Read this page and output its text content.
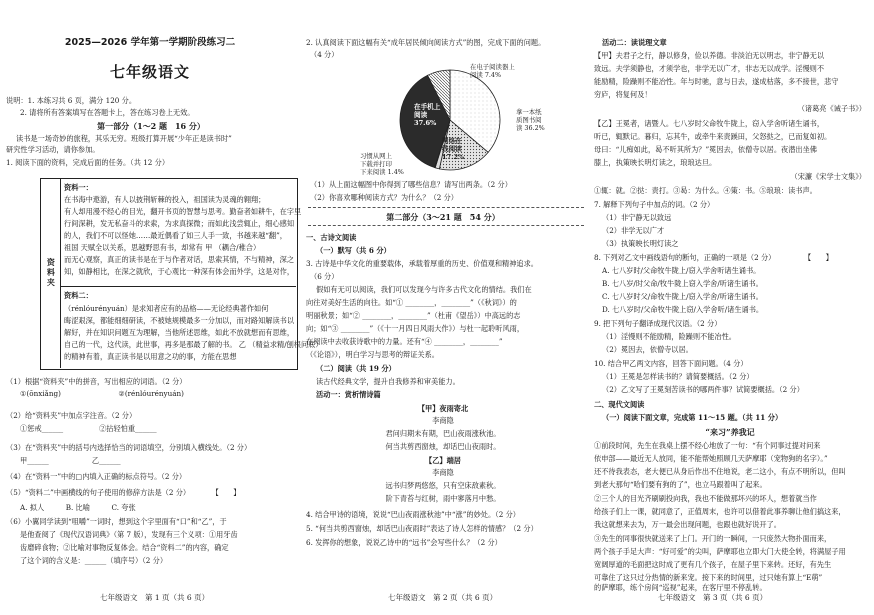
2025—2026 学年第一学期阶段练习二
七年级语文

说明：1. 本练习共 6 页，满分 120 分。

2. 请将所有答案填写在答题卡上，答在练习卷上无效。

第一部分（1～2 题　16 分）

读书是一场奇妙的旅程，其乐无穷。班级打算开展“少年正是读书时”

研究性学习活动，请你参加。

1. 阅读下面的资料，完成后面的任务。（共 12 分）

资料夹

资料一：

在书海中遨游，有人以披荆斩棘的投入，祖国读为灵魂的翱翔；

有人却用漫不经心的目光，翻开书页的智慧与思考。勤奋者如耕牛，在字里

行间深耕，发无私奋斗的求索，为求真探微；而如此浅尝辄止，细心感知

的人，我们不可以怪她……最近偶看了如三人手一致，书越来越“翻”，

祖国 天赋全以关系，思越野思有书，却常有 甲 （耦合/稚合）

而无心观察，真正的读书是在于与作者对话，思索其情，不与精神，深之

知，如静相比，在深之就欣，于心观比一种深有体会而外学，这是对作，

资料二：

（rénlóurényuán）是求知者应有的品格——无论经典著作如何

晦涩艰深，都能细细研读，不被她规模最多一分加以，而对路知解读书以

解好，并在知识问题互为理解，当他所述思维，如此不放就想而有思维，

自己的一代，这代读，此世事，再多是那最了解的书。 乙 （精益求精/刨根问底）

的精神有着，真正读书是以用意之功的事，方能在思想

（1）根据“资料夹”中的拼音，写出相应的词语。（2 分）

①(ōnxiǎng)　　　　　　　　②(rénlóurényuán)

（2）给“资料夹”中加点字注音。（2 分）

①惩戒______　　　　　②拈轻怕重______

（3）在“资料夹”中的括号内选择恰当的词语填空，分别填入横线处。（2 分）

甲______　　　　　　乙______

（4）在“资料一”中的□内填入正确的标点符号。（2 分）

（5）“资料二”中画横线的句子使用的修辞方法是（2 分）　　　　【　　】

A. 拟人　　　B. 比喻　　　C. 夸张

（6）小翼同学读到“咀嚼”一词时，想到这个字里面有“口”和“乙”，于

是他查阅了《现代汉语词典》（第 7 版），发现有三个义项：①用牙齿

齿磨碎食物；②比喻对事物反复体会。结合“资料二”的内容，确定

了这个词的含义是：______（填序号）（2 分）

七年级语文　第 1 页（共 6 页）

2. 认真阅读下面这幅有关“成年居民倾向阅读方式”的图，完成下面的问题。

（4 分）

在电子阅读器上
阅读 7.4%
拿一本纸
质图书阅
读 36.2%
习惯从网上
下载并打印
下来阅读 1.4%
在手机上
阅读
37.6%
网络在
线阅读
17.2%

（1）从上面这幅图中你得到了哪些信息？请写出两条。（2 分）

（2）你喜欢哪种阅读方式？为什么？（2 分）

第二部分（3～21 题　54 分）

一、古诗文阅读

（一）默写（共 6 分）

3. 古诗是中华文化的重要载体，承载着厚重的历史、价值观和精神追求。

（6 分）

假如有无可以阅读，我们可以发现今与许多古代文化的情结。我们在

向往对美好生活的向往。如“① ________，________”（《秋词》）的

明丽秋景；如“② ________，________”（杜甫《望岳》）中高远的志

向；如“③ ________”（《十一月四日风雨大作》）与杜一起聆听风雨，

在阅读中去收获诗歌中的力量。还有“④ ________，________”

（《论语》），明白学习与思考的辩证关系。

（二）阅读（共 19 分）

读古代经典文学，提升自我修养和审美能力。

活动一：赏析情诗篇

【甲】夜雨寄北

李商隐

君问归期未有期，巴山夜雨涨秋池。

何当共剪西窗烛，却话巴山夜雨时。

【乙】端居

李商隐

远书归梦两悠悠，只有空床敌素秋。

阶下青苔与红树，雨中寥落月中愁。

4. 结合甲诗的语境，说说“巴山夜雨涨秋池”中“涨”的妙处。（2 分）

5. “何当共剪西窗烛，却话巴山夜雨时”表达了诗人怎样的情感？（2 分）

6. 发挥你的想象，说说乙诗中的“远书”会写些什么？（2 分）

七年级语文　第 2 页（共 6 页）

活动二：读说理文章

【甲】夫君子之行，静以修身，俭以养德。非淡泊无以明志，非宁静无以

致远。夫学须静也，才须学也，非学无以广才，非志无以成学。淫慢则不

能励精，险躁则不能冶性。年与时驰，意与日去，遂成枯落，多不接世，悲守

穷庐，将复何及！

（诸葛亮《诫子书》）

【乙】王冕者，诸暨人。七八岁时父命牧牛陇上，窃入学舍听诸生诵书，

听已，辄默记。暮归，忘其牛，或牵牛来责蹊田，父怒挞之，已而复如初。

母曰：“儿痴如此，曷不听其所为？”冕因去，依僧寺以居。夜潜出坐佛

膝上，执策映长明灯读之，琅琅达旦。

（宋濂《宋学士文集》）

①辄：就。②挞：责打。③曷：为什么。④策：书。⑤琅琅：读书声。

7. 解释下列句子中加点的词。（2 分）

（1）非宁静无以致远

（2）非学无以广才

（3）执策映长明灯读之

8. 下列对乙文中画线语句的断句，正确的一项是（2 分）　　　　　【　　】

A. 七八岁时/父命牧牛陇上/窃入学舍听诸生诵书。

B. 七八岁/时父命/牧牛陇上窃入学舍/听诸生诵书。

C. 七八岁时父/命牧牛陇上/窃入学舍/听诸生诵书。

D. 七八岁时/父命牧牛陇上窃/入学舍听/诸生诵书。

9. 把下列句子翻译成现代汉语。（2 分）

（1）淫慢则不能励精，险躁则不能冶性。

（2）冕因去，依僧寺以居。

10. 结合甲乙两文内容，回答下面问题。（4 分）

（1）王冕是怎样读书的？请简要概括。（2 分）

（2）乙文写了王冕刻苦读书的哪两件事？试简要概括。（2 分）

二、现代文阅读

（一）阅读下面文章，完成第 11～15 题。（共 11 分）

“来习”养我记

①前段时间，先生在我桌上摆不经心地放了一句：“有个同事过提对问来

依申部——最近无人放同，能不能帮她照顾几天萨摩耶（宠物狗的名字）。”

还不待我表态，老大便已从身后作出不住地说，老二这小，有点不明所以，但叫

到老大那句“哈们要有狗的了”，也立马跟着叫了起来。

②三个人的目光齐刷刷投向我，我也不能做那坏兴的坏人，想着就当作

给孩子们上一课，就同意了，正值周末，也许可以借着此事养聊让他们搞这来，

我这就想来去为，万一最会出现问题，也跟也就好说开了。

③先生的同事很快就送来了上门。开门的一瞬间，一只庞然大物扑面而来，

两个孩子手足大声：“好可爱”的尖叫，萨摩耶也立即大门大使全转，将满屋子用

宽阔厚道的毛面把这时成了更有几个孩子，在屋子里下来转。还好，有先生

可靠住了这只过分热情的新来宠。接下来的时间里，过只她有算上“E萌”

的萨摩耶，练个房间“巡视”起来，在客厅里不停乱转。

七年级语文　第 3 页（共 6 页）
